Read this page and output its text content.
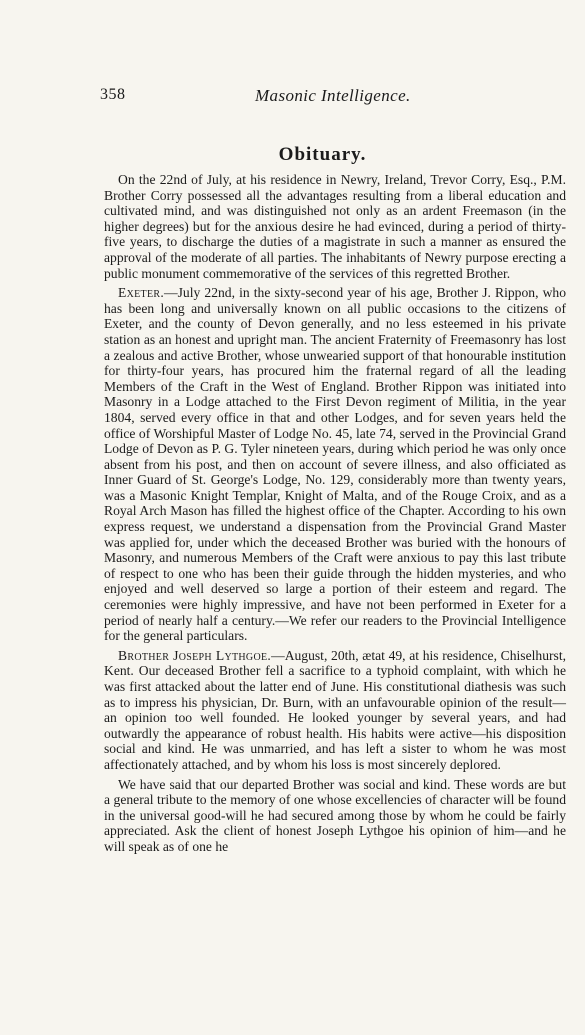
358	Masonic Intelligence.
Obituary.

On the 22nd of July, at his residence in Newry, Ireland, Trevor Corry, Esq., P.M. Brother Corry possessed all the advantages resulting from a liberal education and cultivated mind, and was distinguished not only as an ardent Freemason (in the higher degrees) but for the anxious desire he had evinced, during a period of thirty-five years, to discharge the duties of a magistrate in such a manner as ensured the approval of the moderate of all parties. The inhabitants of Newry purpose erecting a public monument commemorative of the services of this regretted Brother.

Exeter.—July 22nd, in the sixty-second year of his age, Brother J. Rippon, who has been long and universally known on all public occasions to the citizens of Exeter, and the county of Devon generally, and no less esteemed in his private station as an honest and upright man. The ancient Fraternity of Freemasonry has lost a zealous and active Brother, whose unwearied support of that honourable institution for thirty-four years, has procured him the fraternal regard of all the leading Members of the Craft in the West of England. Brother Rippon was initiated into Masonry in a Lodge attached to the First Devon regiment of Militia, in the year 1804, served every office in that and other Lodges, and for seven years held the office of Worshipful Master of Lodge No. 45, late 74, served in the Provincial Grand Lodge of Devon as P. G. Tyler nineteen years, during which period he was only once absent from his post, and then on account of severe illness, and also officiated as Inner Guard of St. George's Lodge, No. 129, considerably more than twenty years, was a Masonic Knight Templar, Knight of Malta, and of the Rouge Croix, and as a Royal Arch Mason has filled the highest office of the Chapter. According to his own express request, we understand a dispensation from the Provincial Grand Master was applied for, under which the deceased Brother was buried with the honours of Masonry, and numerous Members of the Craft were anxious to pay this last tribute of respect to one who has been their guide through the hidden mysteries, and who enjoyed and well deserved so large a portion of their esteem and regard. The ceremonies were highly impressive, and have not been performed in Exeter for a period of nearly half a century.—We refer our readers to the Provincial Intelligence for the general particulars.

Brother Joseph Lythgoe.—August, 20th, ætat 49, at his residence, Chiselhurst, Kent. Our deceased Brother fell a sacrifice to a typhoid complaint, with which he was first attacked about the latter end of June. His constitutional diathesis was such as to impress his physician, Dr. Burn, with an unfavourable opinion of the result—an opinion too well founded. He looked younger by several years, and had outwardly the appearance of robust health. His habits were active—his disposition social and kind. He was unmarried, and has left a sister to whom he was most affectionately attached, and by whom his loss is most sincerely deplored.

We have said that our departed Brother was social and kind. These words are but a general tribute to the memory of one whose excellencies of character will be found in the universal good-will he had secured among those by whom he could be fairly appreciated. Ask the client of honest Joseph Lythgoe his opinion of him—and he will speak as of one he
